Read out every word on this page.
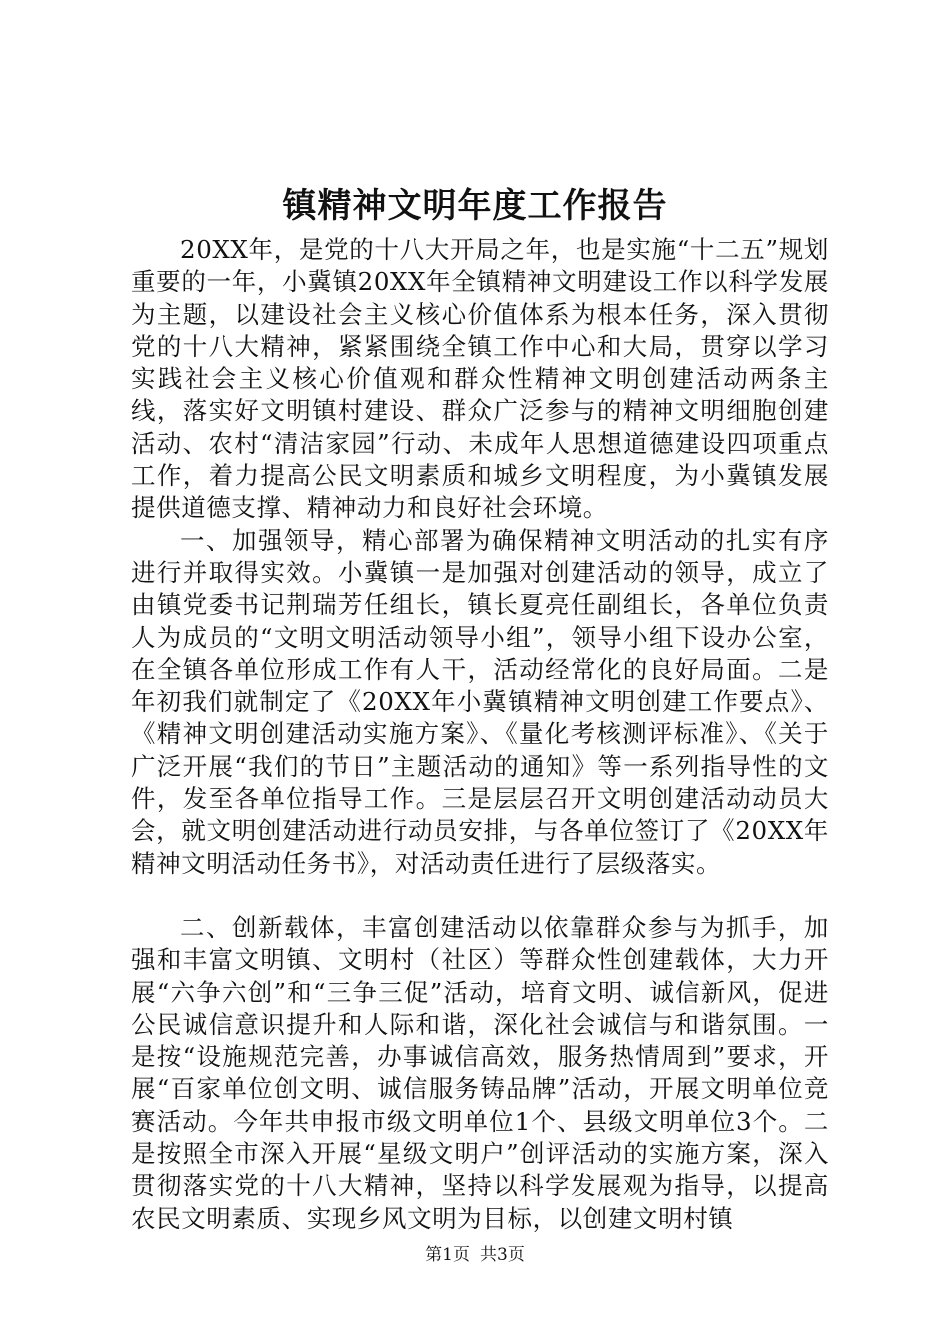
镇精神文明年度工作报告

20XX年，是党的十八大开局之年，也是实施“十二五”规划重要的一年，小冀镇20XX年全镇精神文明建设工作以科学发展为主题，以建设社会主义核心价值体系为根本任务，深入贯彻党的十八大精神，紧紧围绕全镇工作中心和大局，贯穿以学习实践社会主义核心价值观和群众性精神文明创建活动两条主线，落实好文明镇村建设、群众广泛参与的精神文明细胞创建活动、农村“清洁家园”行动、未成年人思想道德建设四项重点工作，着力提高公民文明素质和城乡文明程度，为小冀镇发展提供道德支撑、精神动力和良好社会环境。

一、加强领导，精心部署为确保精神文明活动的扎实有序进行并取得实效。小冀镇一是加强对创建活动的领导，成立了由镇党委书记荆瑞芳任组长，镇长夏亮任副组长，各单位负责人为成员的“文明文明活动领导小组”，领导小组下设办公室，在全镇各单位形成工作有人干，活动经常化的良好局面。二是年初我们就制定了《20XX年小冀镇精神文明创建工作要点》、《精神文明创建活动实施方案》、《量化考核测评标准》、《关于广泛开展“我们的节日”主题活动的通知》等一系列指导性的文件，发至各单位指导工作。三是层层召开文明创建活动动员大会，就文明创建活动进行动员安排，与各单位签订了《20XX年精神文明活动任务书》，对活动责任进行了层级落实。

二、创新载体，丰富创建活动以依靠群众参与为抓手，加强和丰富文明镇、文明村（社区）等群众性创建载体，大力开展“六争六创”和“三争三促”活动，培育文明、诚信新风，促进公民诚信意识提升和人际和谐，深化社会诚信与和谐氛围。一是按“设施规范完善，办事诚信高效，服务热情周到”要求，开展“百家单位创文明、诚信服务铸品牌”活动，开展文明单位竞赛活动。今年共申报市级文明单位1个、县级文明单位3个。二是按照全市深入开展“星级文明户”创评活动的实施方案，深入贯彻落实党的十八大精神，坚持以科学发展观为指导，以提高农民文明素质、实现乡风文明为目标，以创建文明村镇

第1页 共3页
